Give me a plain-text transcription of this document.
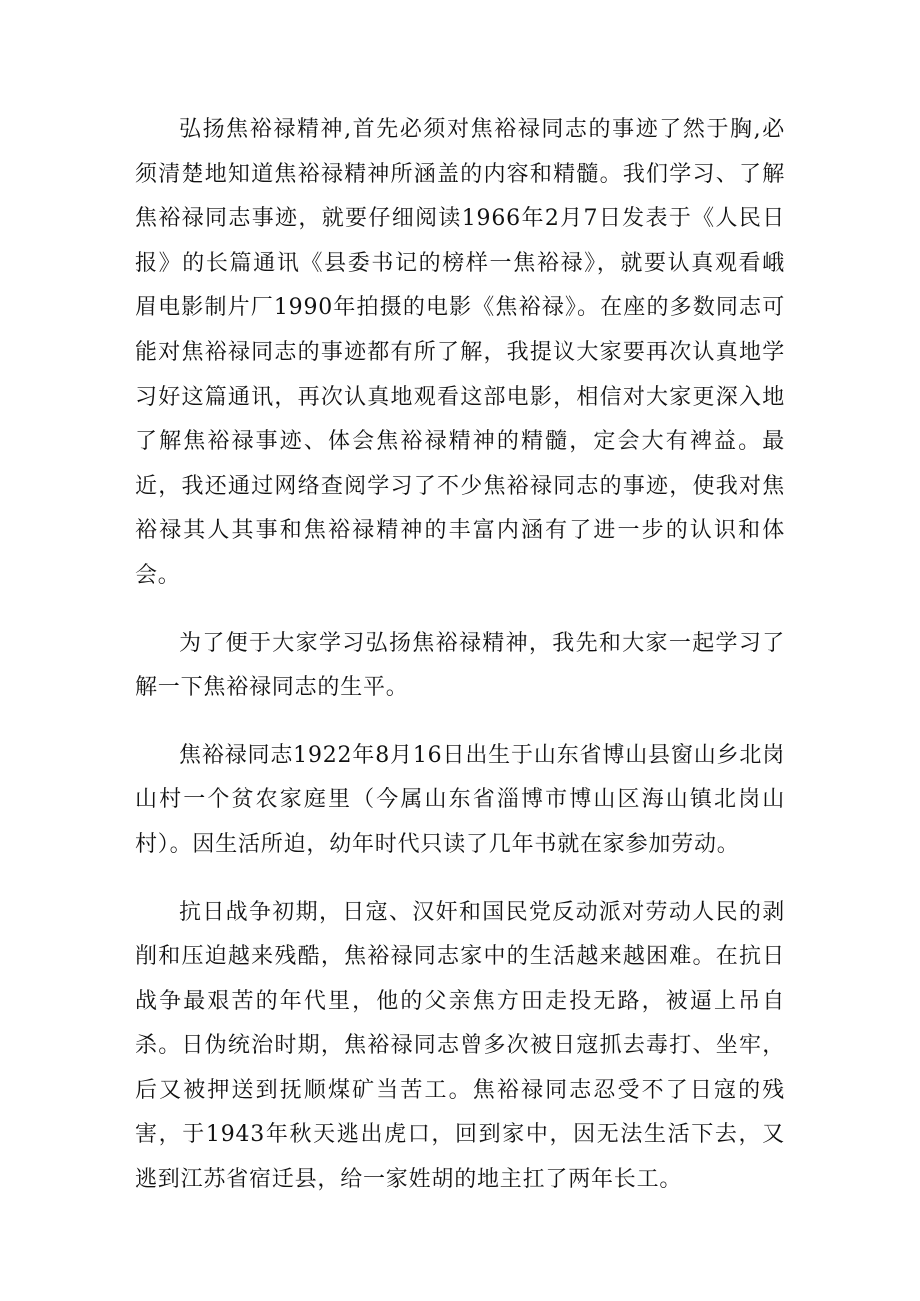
弘扬焦裕禄精神,首先必须对焦裕禄同志的事迹了然于胸,必须清楚地知道焦裕禄精神所涵盖的内容和精髓。我们学习、了解焦裕禄同志事迹，就要仔细阅读1966年2月7日发表于《人民日报》的长篇通讯《县委书记的榜样一焦裕禄》，就要认真观看峨眉电影制片厂1990年拍摄的电影《焦裕禄》。在座的多数同志可能对焦裕禄同志的事迹都有所了解，我提议大家要再次认真地学习好这篇通讯，再次认真地观看这部电影，相信对大家更深入地了解焦裕禄事迹、体会焦裕禄精神的精髓，定会大有裨益。最近，我还通过网络查阅学习了不少焦裕禄同志的事迹，使我对焦裕禄其人其事和焦裕禄精神的丰富内涵有了进一步的认识和体会。

为了便于大家学习弘扬焦裕禄精神，我先和大家一起学习了解一下焦裕禄同志的生平。

焦裕禄同志1922年8月16日出生于山东省博山县窗山乡北岗山村一个贫农家庭里（今属山东省淄博市博山区海山镇北岗山村）。因生活所迫，幼年时代只读了几年书就在家参加劳动。

抗日战争初期，日寇、汉奸和国民党反动派对劳动人民的剥削和压迫越来残酷，焦裕禄同志家中的生活越来越困难。在抗日战争最艰苦的年代里，他的父亲焦方田走投无路，被逼上吊自杀。日伪统治时期，焦裕禄同志曾多次被日寇抓去毒打、坐牢，后又被押送到抚顺煤矿当苦工。焦裕禄同志忍受不了日寇的残害，于1943年秋天逃出虎口，回到家中，因无法生活下去，又逃到江苏省宿迁县，给一家姓胡的地主扛了两年长工。
